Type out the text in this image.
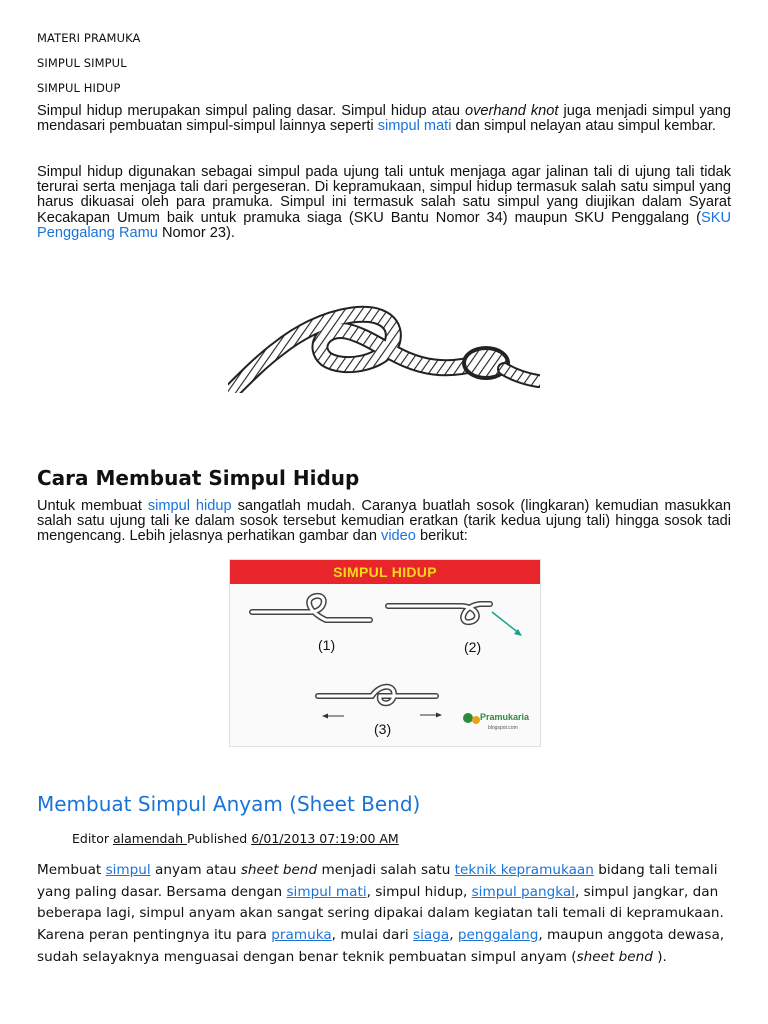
MATERI PRAMUKA
SIMPUL SIMPUL
SIMPUL HIDUP

Simpul hidup merupakan simpul paling dasar. Simpul hidup atau overhand knot juga menjadi simpul yang mendasari pembuatan simpul-simpul lainnya seperti simpul mati dan simpul nelayan atau simpul kembar.

Simpul hidup digunakan sebagai simpul pada ujung tali untuk menjaga agar jalinan tali di ujung tali tidak terurai serta menjaga tali dari pergeseran. Di kepramukaan, simpul hidup termasuk salah satu simpul yang harus dikuasai oleh para pramuka. Simpul ini termasuk salah satu simpul yang diujikan dalam Syarat Kecakapan Umum baik untuk pramuka siaga (SKU Bantu Nomor 34) maupun SKU Penggalang (SKU Penggalang Ramu Nomor 23).

Cara Membuat Simpul Hidup

Untuk membuat simpul hidup sangatlah mudah. Caranya buatlah sosok (lingkaran) kemudian masukkan salah satu ujung tali ke dalam sosok tersebut kemudian eratkan (tarik kedua ujung tali) hingga sosok tadi mengencang. Lebih jelasnya perhatikan gambar dan video berikut:

SIMPUL HIDUP
Pramukaria
blogspot.com
(1)	(2)
(3)
Membuat Simpul Anyam (Sheet Bend)
Editor alamendah Published 6/01/2013 07:19:00 AM

Membuat simpul anyam atau sheet bend menjadi salah satu teknik kepramukaan bidang tali temali yang paling dasar. Bersama dengan simpul mati, simpul hidup, simpul pangkal, simpul jangkar, dan beberapa lagi, simpul anyam akan sangat sering dipakai dalam kegiatan tali temali di kepramukaan. Karena peran pentingnya itu para pramuka, mulai dari siaga, penggalang, maupun anggota dewasa, sudah selayaknya menguasai dengan benar teknik pembuatan simpul anyam (sheet bend ).
